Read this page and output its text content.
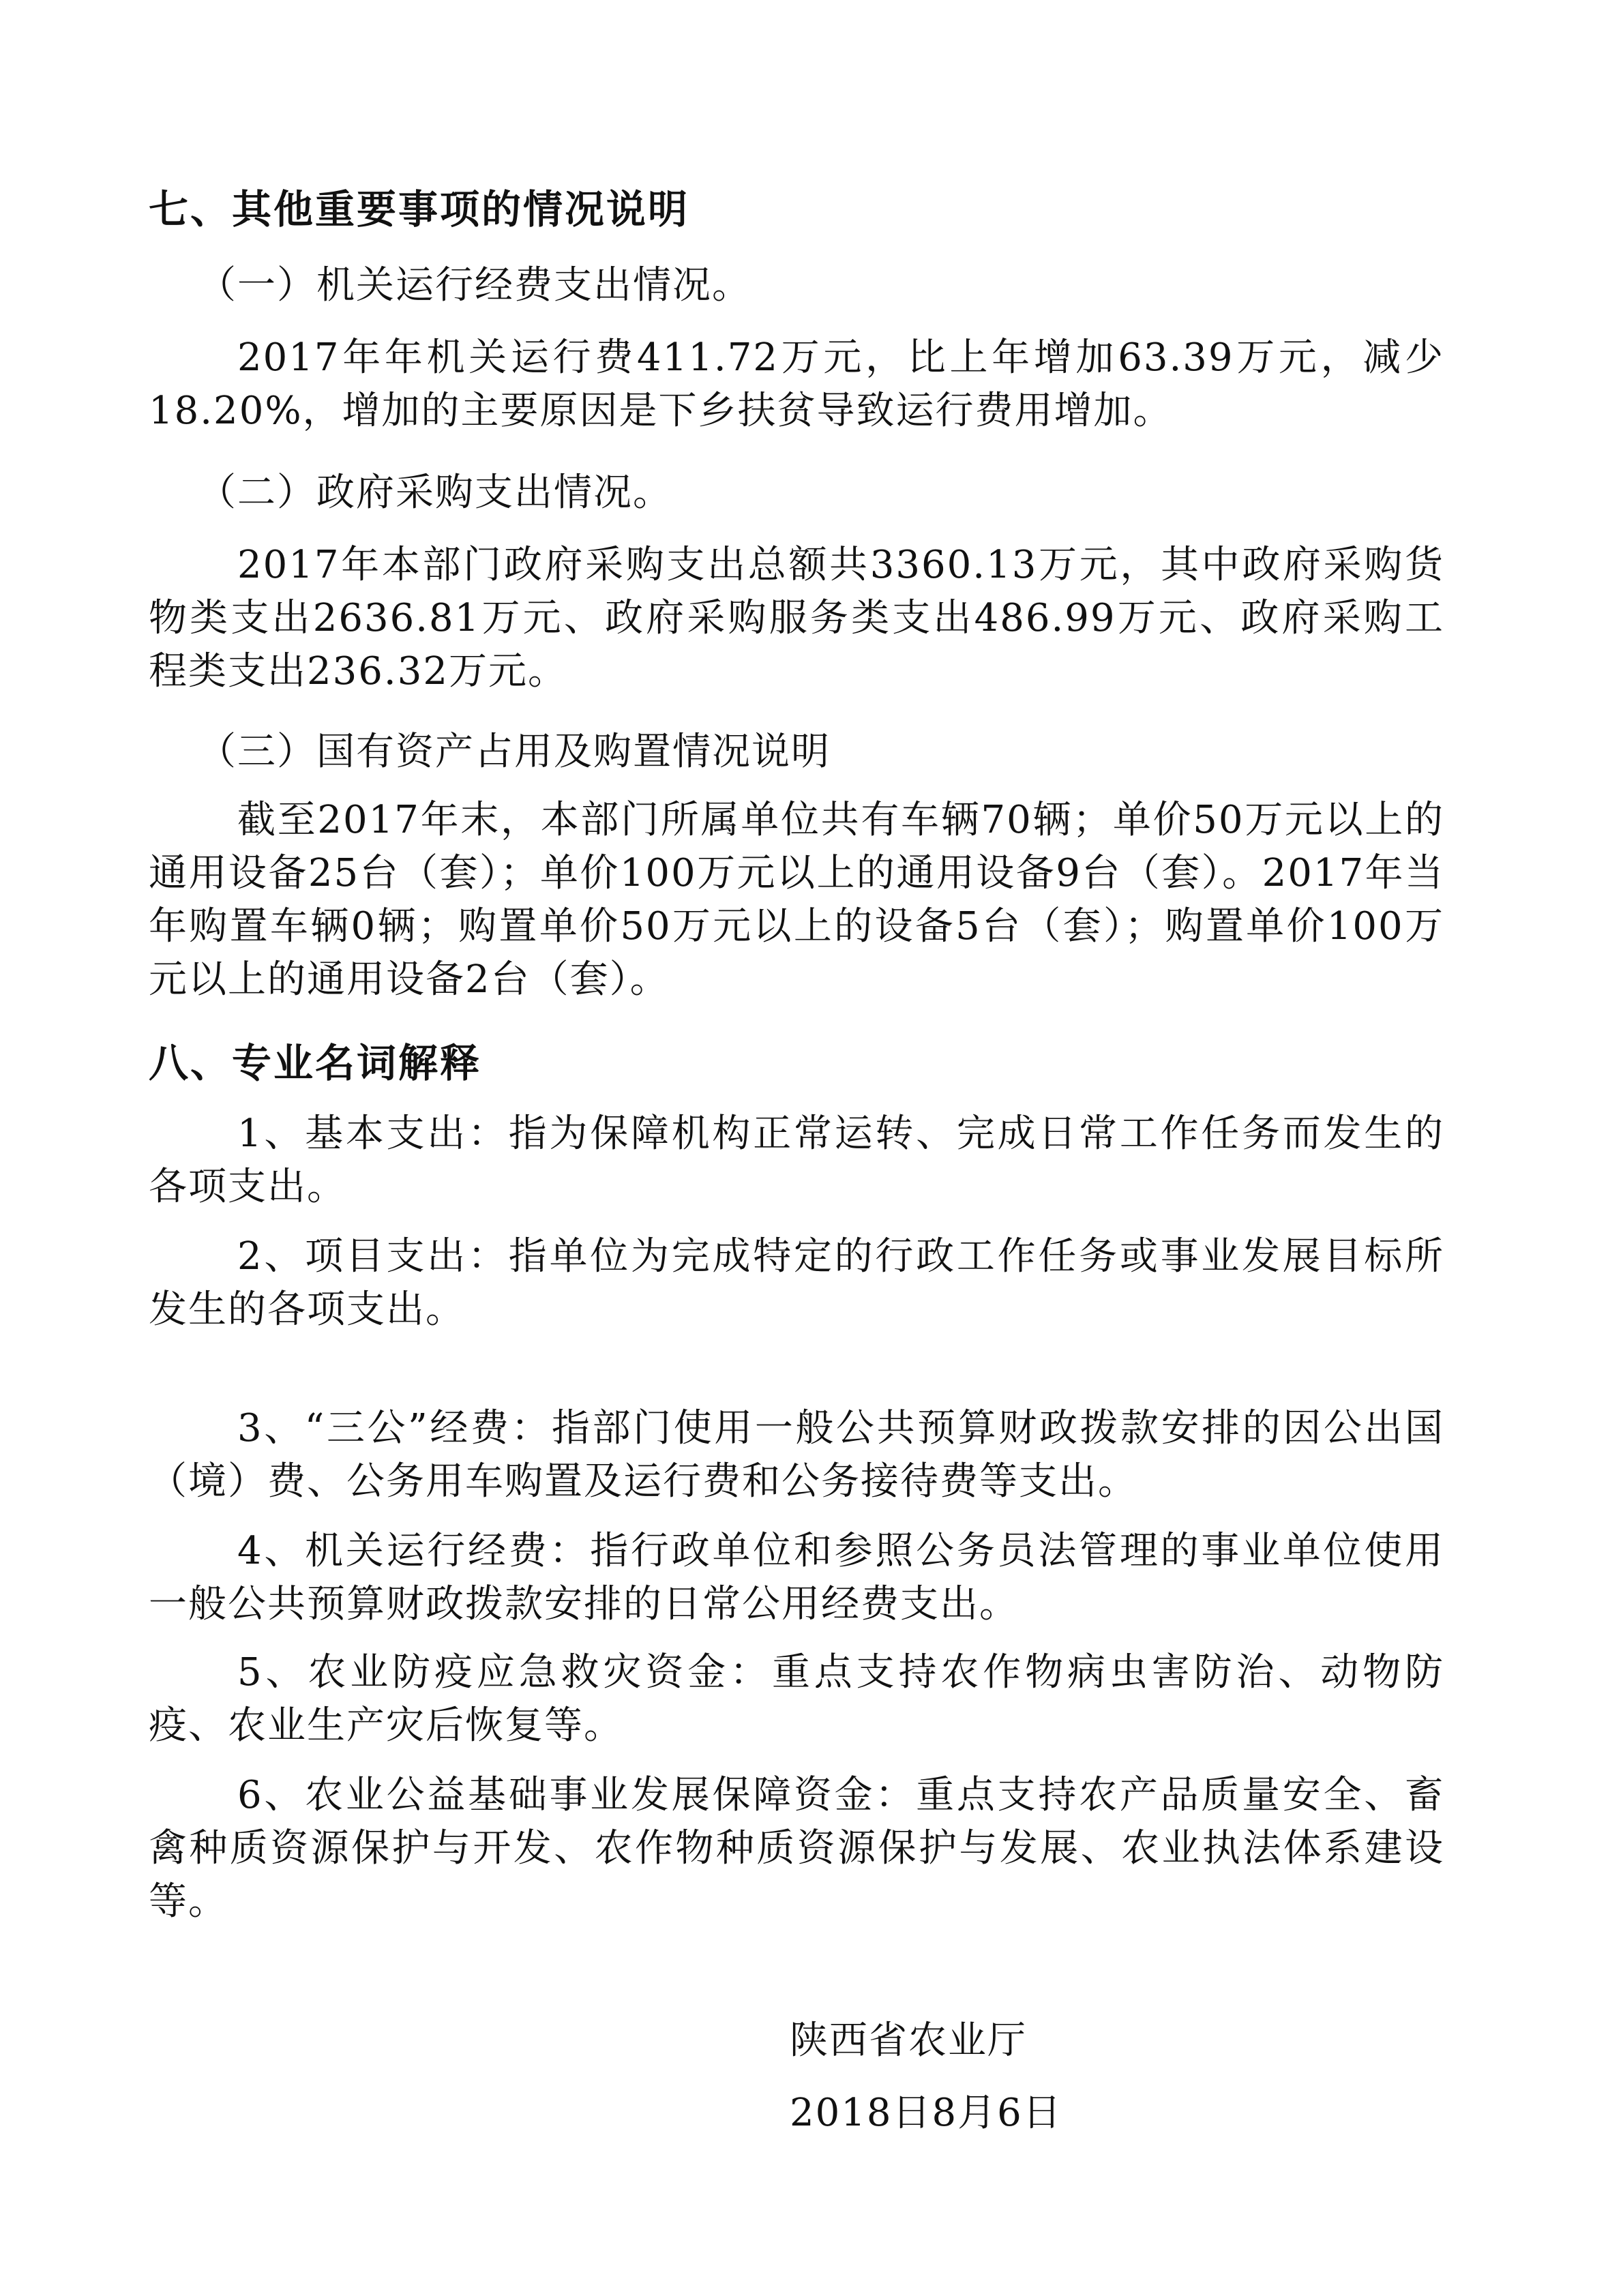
七、其他重要事项的情况说明

（一）机关运行经费支出情况。

2017年年机关运行费411.72万元，比上年增加63.39万元，减少18.20%，增加的主要原因是下乡扶贫导致运行费用增加。

（二）政府采购支出情况。

2017年本部门政府采购支出总额共3360.13万元，其中政府采购货物类支出2636.81万元、政府采购服务类支出486.99万元、政府采购工程类支出236.32万元。

（三）国有资产占用及购置情况说明

截至2017年末，本部门所属单位共有车辆70辆；单价50万元以上的通用设备25台（套）；单价100万元以上的通用设备9台（套）。2017年当年购置车辆0辆；购置单价50万元以上的设备5台（套）；购置单价100万元以上的通用设备2台（套）。

八、专业名词解释

1、基本支出：指为保障机构正常运转、完成日常工作任务而发生的各项支出。

2、项目支出：指单位为完成特定的行政工作任务或事业发展目标所发生的各项支出。

3、“三公”经费：指部门使用一般公共预算财政拨款安排的因公出国（境）费、公务用车购置及运行费和公务接待费等支出。

4、机关运行经费：指行政单位和参照公务员法管理的事业单位使用一般公共预算财政拨款安排的日常公用经费支出。

5、农业防疫应急救灾资金：重点支持农作物病虫害防治、动物防疫、农业生产灾后恢复等。

6、农业公益基础事业发展保障资金：重点支持农产品质量安全、畜禽种质资源保护与开发、农作物种质资源保护与发展、农业执法体系建设等。

陕西省农业厅

2018日8月6日
